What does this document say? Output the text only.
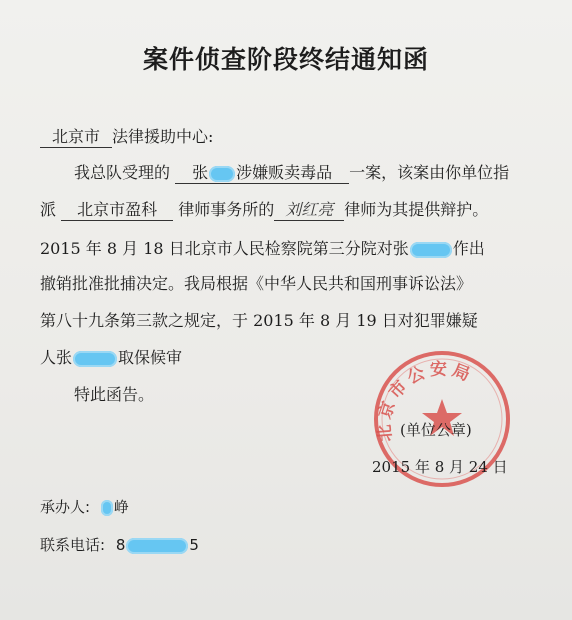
案件侦查阶段终结通知函
北京市 法律援助中心:
我总队受理的 张 涉嫌贩卖毒品 一案，该案由你单位指
派 北京市盈科 律师事务所的 刘红亮 律师为其提供辩护。
2015 年 8 月 18 日北京市人民检察院第三分院对张	作出
撤销批准批捕决定。我局根据《中华人民共和国刑事诉讼法》
第八十九条第三款之规定，于 2015 年 8 月 19 日对犯罪嫌疑
人张	取保候审
特此函告。
北京市公安局
(单位公章)
2015 年 8 月 24 日
承办人: 峥
联系电话: 8	5
